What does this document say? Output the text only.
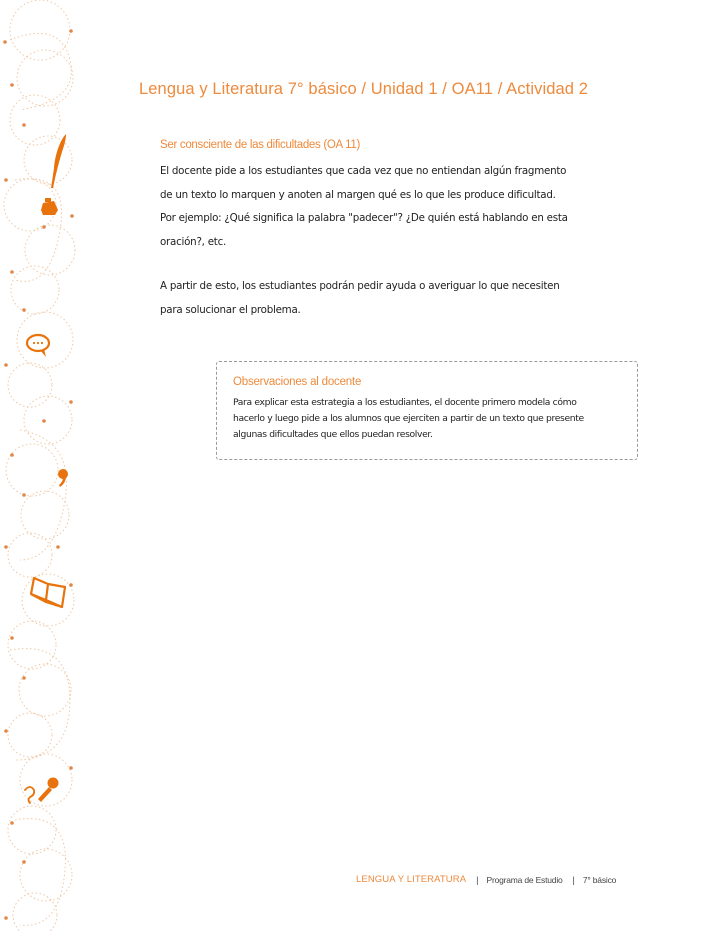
Lengua y Literatura 7° básico / Unidad 1 / OA11 / Actividad 2
Ser consciente de las dificultades (OA 11)

El docente pide a los estudiantes que cada vez que no entiendan algún fragmento

de un texto lo marquen y anoten al margen qué es lo que les produce dificultad.

Por ejemplo: ¿Qué significa la palabra "padecer"? ¿De quién está hablando en esta

oración?, etc.

A partir de esto, los estudiantes podrán pedir ayuda o averiguar lo que necesiten

para solucionar el problema.

Observaciones al docente

Para explicar esta estrategia a los estudiantes, el docente primero modela cómo

hacerlo y luego pide a los alumnos que ejerciten a partir de un texto que presente

algunas dificultades que ellos puedan resolver.

LENGUA Y LITERATURA | Programa de Estudio | 7° básico
